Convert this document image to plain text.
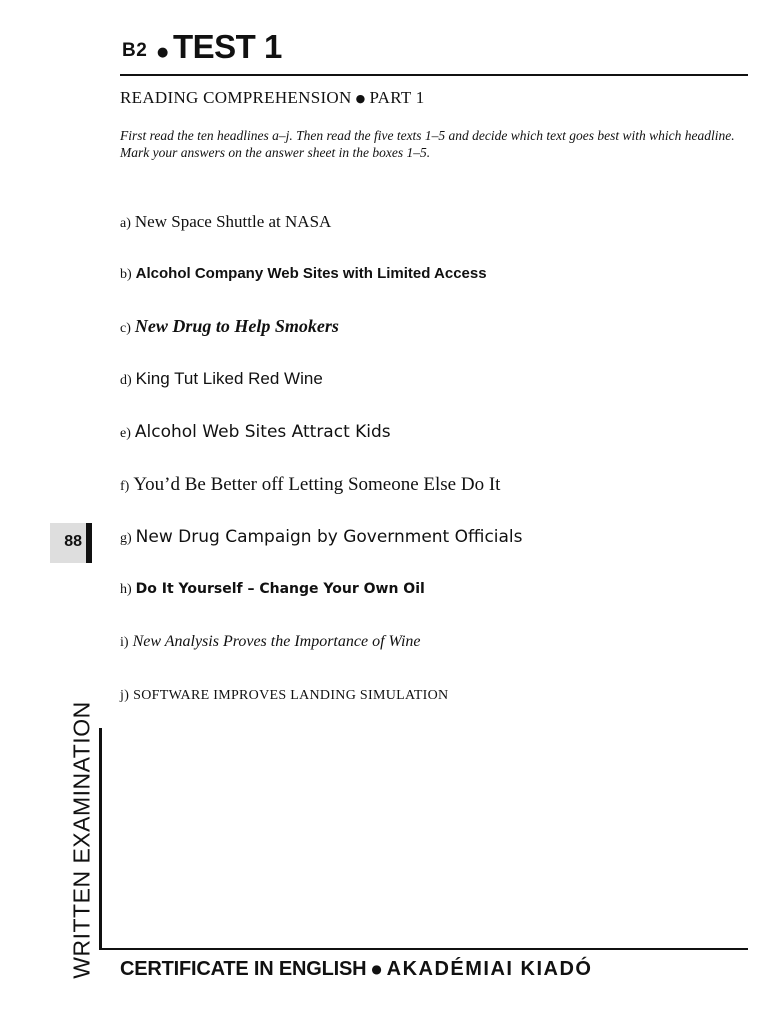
B2 ● TEST 1
READING COMPREHENSION ● PART 1

First read the ten headlines a–j. Then read the five texts 1–5 and decide which text goes best with which headline.

Mark your answers on the answer sheet in the boxes 1–5.

a) New Space Shuttle at NASA
b) Alcohol Company Web Sites with Limited Access
c) New Drug to Help Smokers
d) King Tut Liked Red Wine
e) Alcohol Web Sites Attract Kids
f) You’d Be Better off Letting Someone Else Do It
g) New Drug Campaign by Government Officials
h) Do It Yourself – Change Your Own Oil
i) New Analysis Proves the Importance of Wine
j) SOFTWARE IMPROVES LANDING SIMULATION
88
WRITTEN EXAMINATION CERTIFICATE IN ENGLISH ● AKADÉMIAI KIADÓ
